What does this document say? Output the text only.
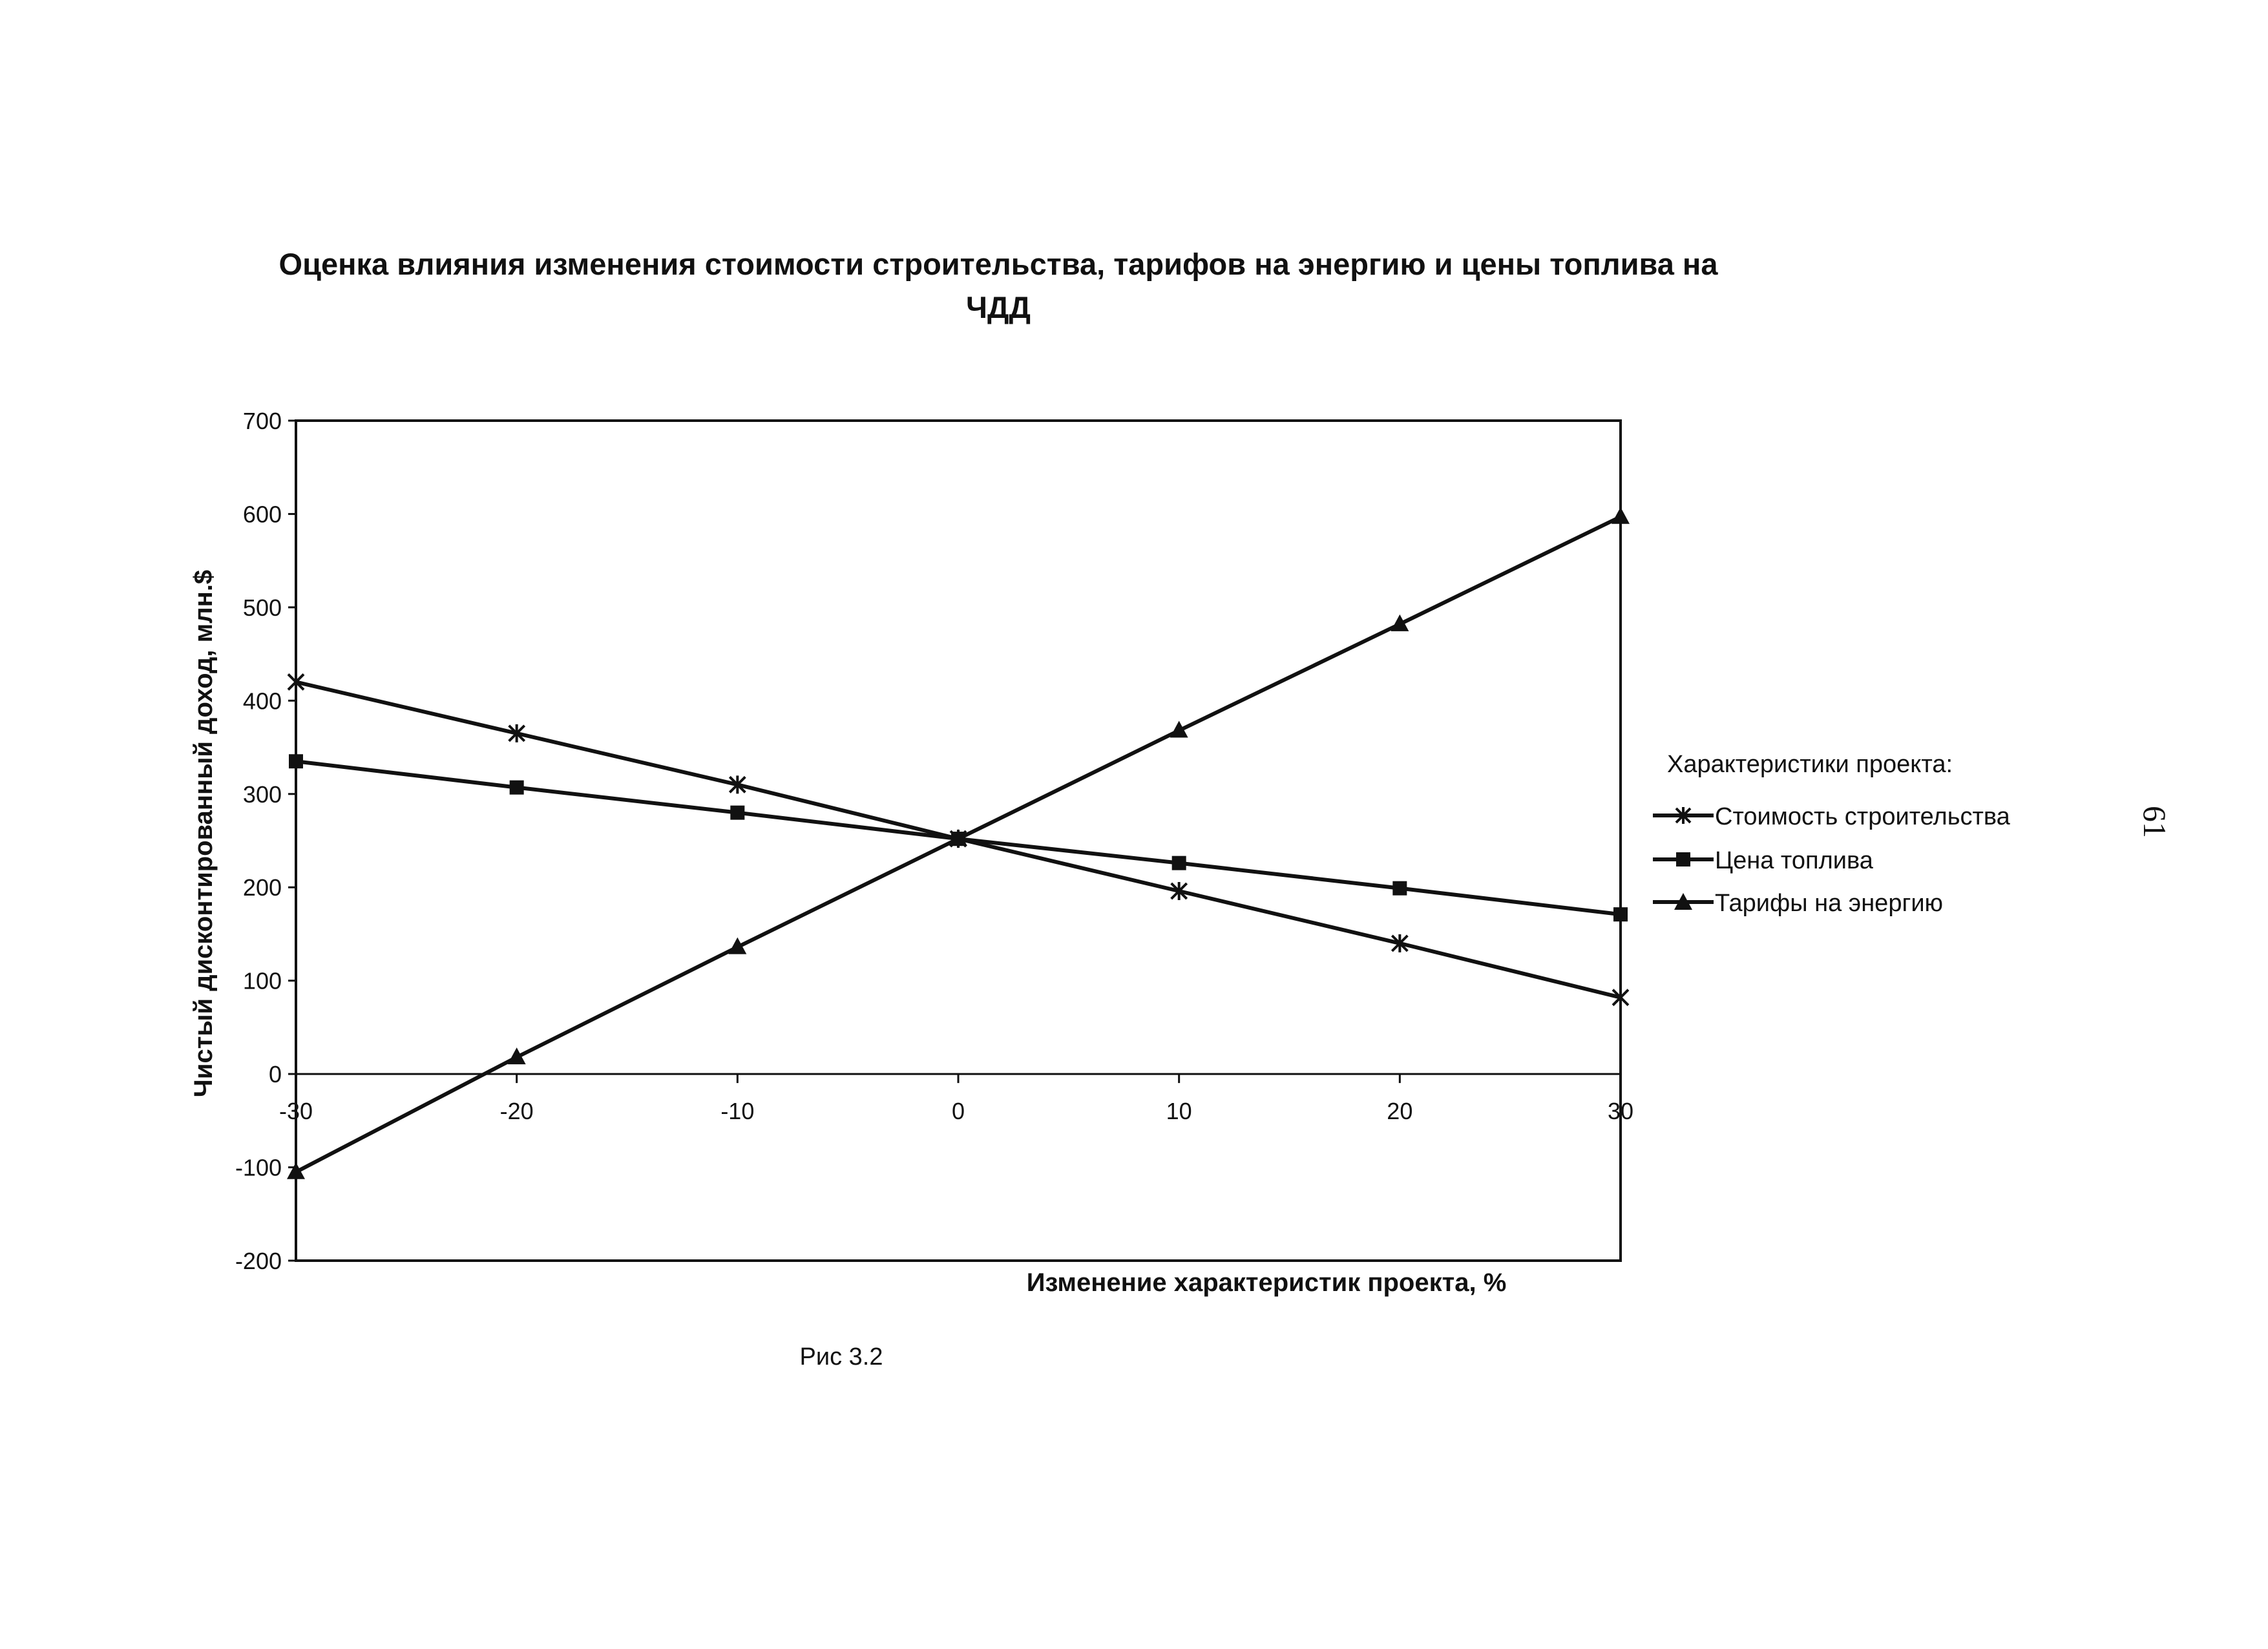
Оценка влияния изменения стоимости строительства, тарифов на энергию и цены топлива на
ЧДД
Чистый дисконтированный доход, млн.$
700
600
500
400
300
200
100
0
-100
-200
-30	-20	-10	0	10	20	30
Изменение характеристик проекта, %
Характеристики проекта:
Стоимость строительства
Цена топлива
Тарифы на энергию
Рис 3.2
61
